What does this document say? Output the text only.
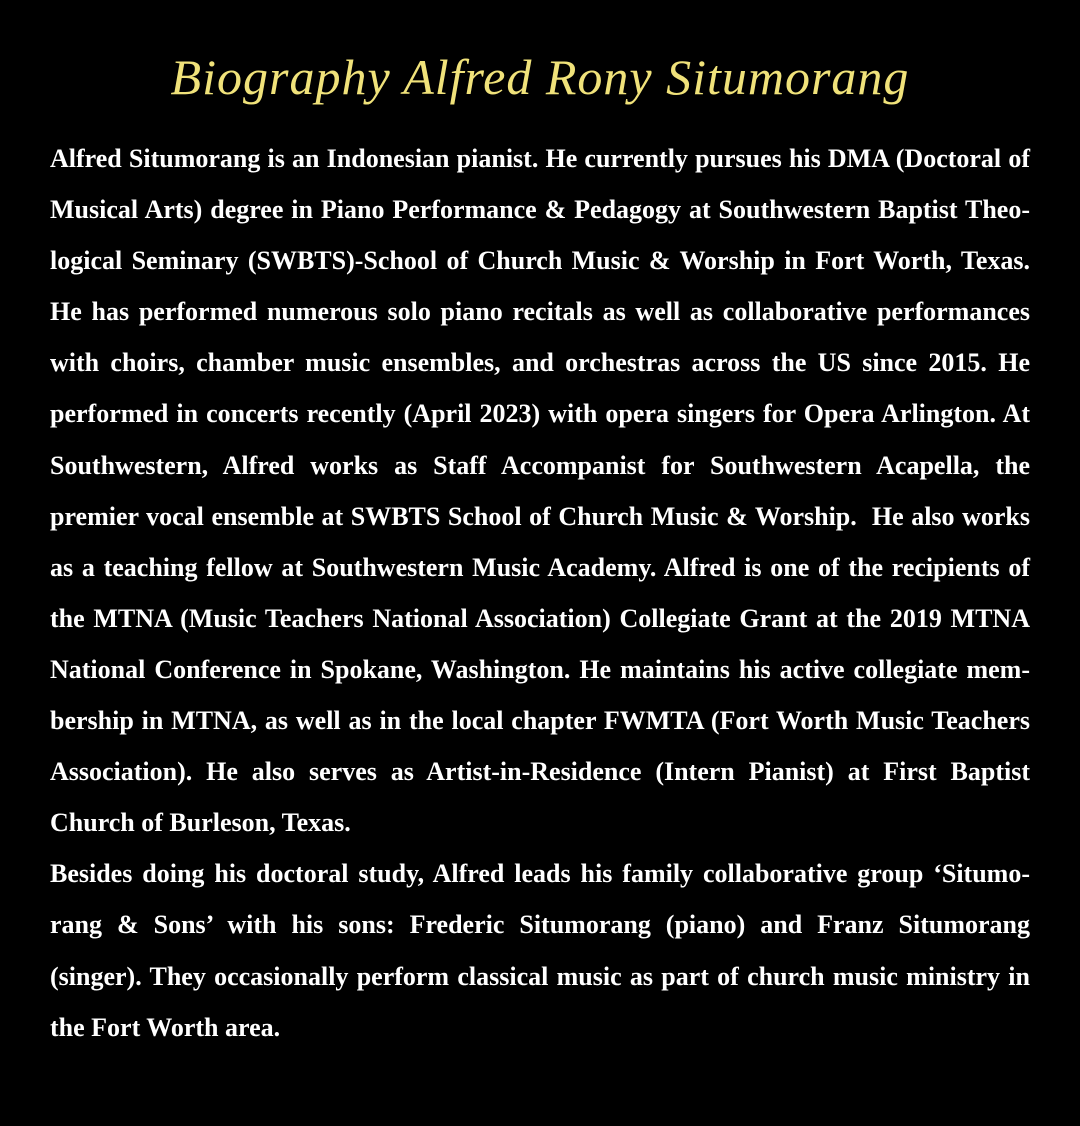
Biography Alfred Rony Situmorang
Alfred Situmorang is an Indonesian pianist. He currently pursues his DMA (Doctoral of
Musical Arts) degree in Piano Performance & Pedagogy at Southwestern Baptist Theo-
logical Seminary (SWBTS)-School of Church Music & Worship in Fort Worth, Texas.
He has performed numerous solo piano recitals as well as collaborative performances
with choirs, chamber music ensembles, and orchestras across the US since 2015. He
performed in concerts recently (April 2023) with opera singers for Opera Arlington. At
Southwestern, Alfred works as Staff Accompanist for Southwestern Acapella, the
premier vocal ensemble at SWBTS School of Church Music & Worship.  He also works
as a teaching fellow at Southwestern Music Academy. Alfred is one of the recipients of
the MTNA (Music Teachers National Association) Collegiate Grant at the 2019 MTNA
National Conference in Spokane, Washington. He maintains his active collegiate mem-
bership in MTNA, as well as in the local chapter FWMTA (Fort Worth Music Teachers
Association). He also serves as Artist-in-Residence (Intern Pianist) at First Baptist
Church of Burleson, Texas.
Besides doing his doctoral study, Alfred leads his family collaborative group ‘Situmo-
rang & Sons’ with his sons: Frederic Situmorang (piano) and Franz Situmorang
(singer). They occasionally perform classical music as part of church music ministry in
the Fort Worth area.
